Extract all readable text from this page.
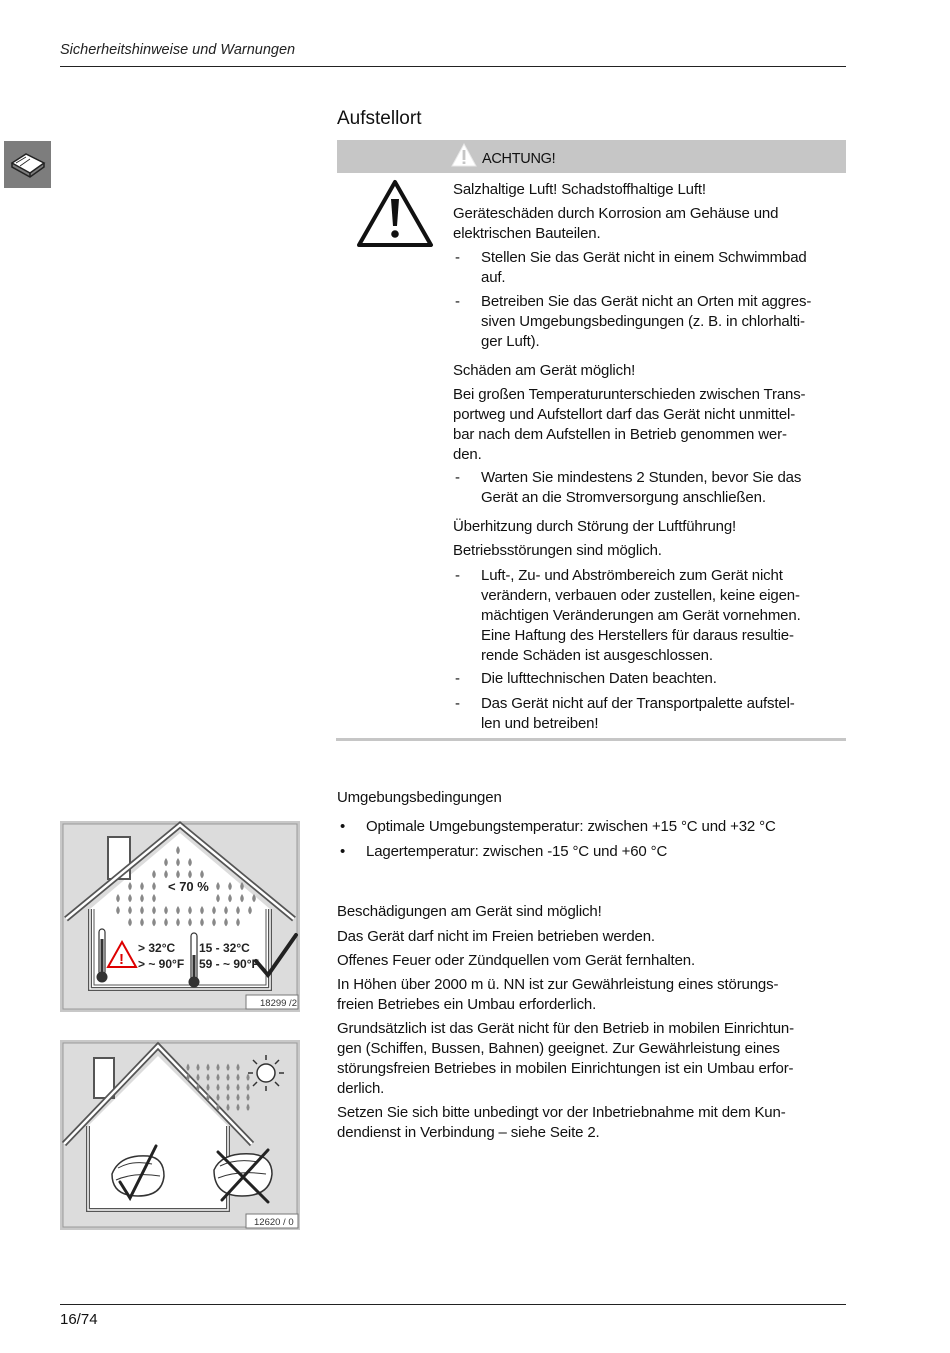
Sicherheitshinweise und Warnungen
Aufstellort
ACHTUNG!
Salzhaltige Luft! Schadstoffhaltige Luft!
Geräteschäden durch Korrosion am Gehäuse und
elektrischen Bauteilen.
- Stellen Sie das Gerät nicht in einem Schwimmbad
auf.
- Betreiben Sie das Gerät nicht an Orten mit aggres-
siven Umgebungsbedingungen (z. B. in chlorhalti-
ger Luft).
Schäden am Gerät möglich!
Bei großen Temperaturunterschieden zwischen Trans-
portweg und Aufstellort darf das Gerät nicht unmittel-
bar nach dem Aufstellen in Betrieb genommen wer-
den.
- Warten Sie mindestens 2 Stunden, bevor Sie das
Gerät an die Stromversorgung anschließen.
Überhitzung durch Störung der Luftführung!
Betriebsstörungen sind möglich.
- Luft-, Zu- und Abströmbereich zum Gerät nicht
verändern, verbauen oder zustellen, keine eigen-
mächtigen Veränderungen am Gerät vornehmen.
Eine Haftung des Herstellers für daraus resultie-
rende Schäden ist ausgeschlossen.
- Die lufttechnischen Daten beachten.
- Das Gerät nicht auf der Transportpalette aufstel-
len und betreiben!
Umgebungsbedingungen
• Optimale Umgebungstemperatur: zwischen +15 °C und +32 °C
• Lagertemperatur: zwischen -15 °C und +60 °C
Beschädigungen am Gerät sind möglich!
Das Gerät darf nicht im Freien betrieben werden.
Offenes Feuer oder Zündquellen vom Gerät fernhalten.
In Höhen über 2000 m ü. NN ist zur Gewährleistung eines störungs-
freien Betriebes ein Umbau erforderlich.
Grundsätzlich ist das Gerät nicht für den Betrieb in mobilen Einrichtun-
gen (Schiffen, Bussen, Bahnen) geeignet. Zur Gewährleistung eines
störungsfreien Betriebes in mobilen Einrichtungen ist ein Umbau erfor-
derlich.
Setzen Sie sich bitte unbedingt vor der Inbetriebnahme mit dem Kun-
dendienst in Verbindung – siehe Seite 2.
< 70 %
!
> 32°C
> ~ 90°F
15 - 32°C
59 - ~ 90°F
18299 /2
12620 / 0
16/74
